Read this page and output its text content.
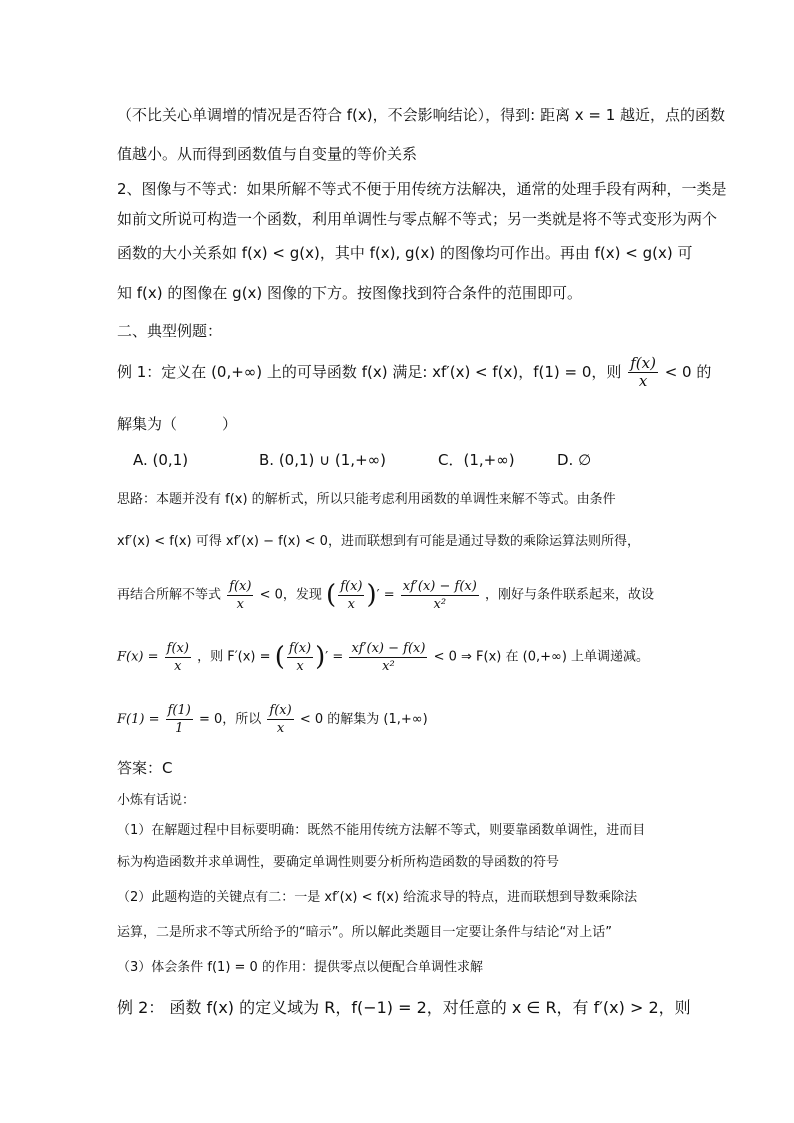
（不比关心单调增的情况是否符合 f(x)，不会影响结论），得到: 距离 x = 1 越近，点的函数
值越小。从而得到函数值与自变量的等价关系
2、图像与不等式：如果所解不等式不便于用传统方法解决，通常的处理手段有两种，一类是
如前文所说可构造一个函数，利用单调性与零点解不等式；另一类就是将不等式变形为两个
函数的大小关系如 f(x) < g(x)，其中 f(x), g(x) 的图像均可作出。再由 f(x) < g(x) 可
知 f(x) 的图像在 g(x) 图像的下方。按图像找到符合条件的范围即可。
二、典型例题：
例 1：定义在 (0,+∞) 上的可导函数 f(x) 满足: xf′(x) < f(x)，f(1) = 0，则 $\frac{f(x)}{x} < 0$ 的
解集为（　　　）
A. (0,1)	B. (0,1) ∪ (1,+∞)	C．(1,+∞)	D. ∅
思路：本题并没有 f(x) 的解析式，所以只能考虑利用函数的单调性来解不等式。由条件
xf′(x) < f(x) 可得 xf′(x) − f(x) < 0，进而联想到有可能是通过导数的乘除运算法则所得，
再结合所解不等式 $\frac{f(x)}{x} < 0$，发现 ( $\frac{f(x)}{x}$ )′ = $\frac{xf'(x) - f(x)}{\text{x²}}$ ，刚好与条件联系起来，故设
$F(x) = \frac{f(x)}{x}$ ，则 F′(x) = ( $\frac{f(x)}{x}$ )′ = $\frac{xf'(x) - f(x)}{\text{x²}} < 0$ ⇒ F(x) 在 (0,+∞) 上单调递减。
$F(1) = \frac{f(1)}{1} = 0$，所以 $\frac{f(x)}{x} < 0$ 的解集为 (1,+∞)
答案：C
小炼有话说：
（1）在解题过程中目标要明确：既然不能用传统方法解不等式，则要靠函数单调性，进而目
标为构造函数并求单调性，要确定单调性则要分析所构造函数的导函数的符号
（2）此题构造的关键点有二：一是 xf′(x) < f(x) 给流求导的特点，进而联想到导数乘除法
运算，二是所求不等式所给予的“暗示”。所以解此类题目一定要让条件与结论“对上话”
（3）体会条件 f(1) = 0 的作用：提供零点以便配合单调性求解
例 2： 函数 f(x) 的定义域为 R，f(−1) = 2，对任意的 x ∈ R，有 f′(x) > 2，则
